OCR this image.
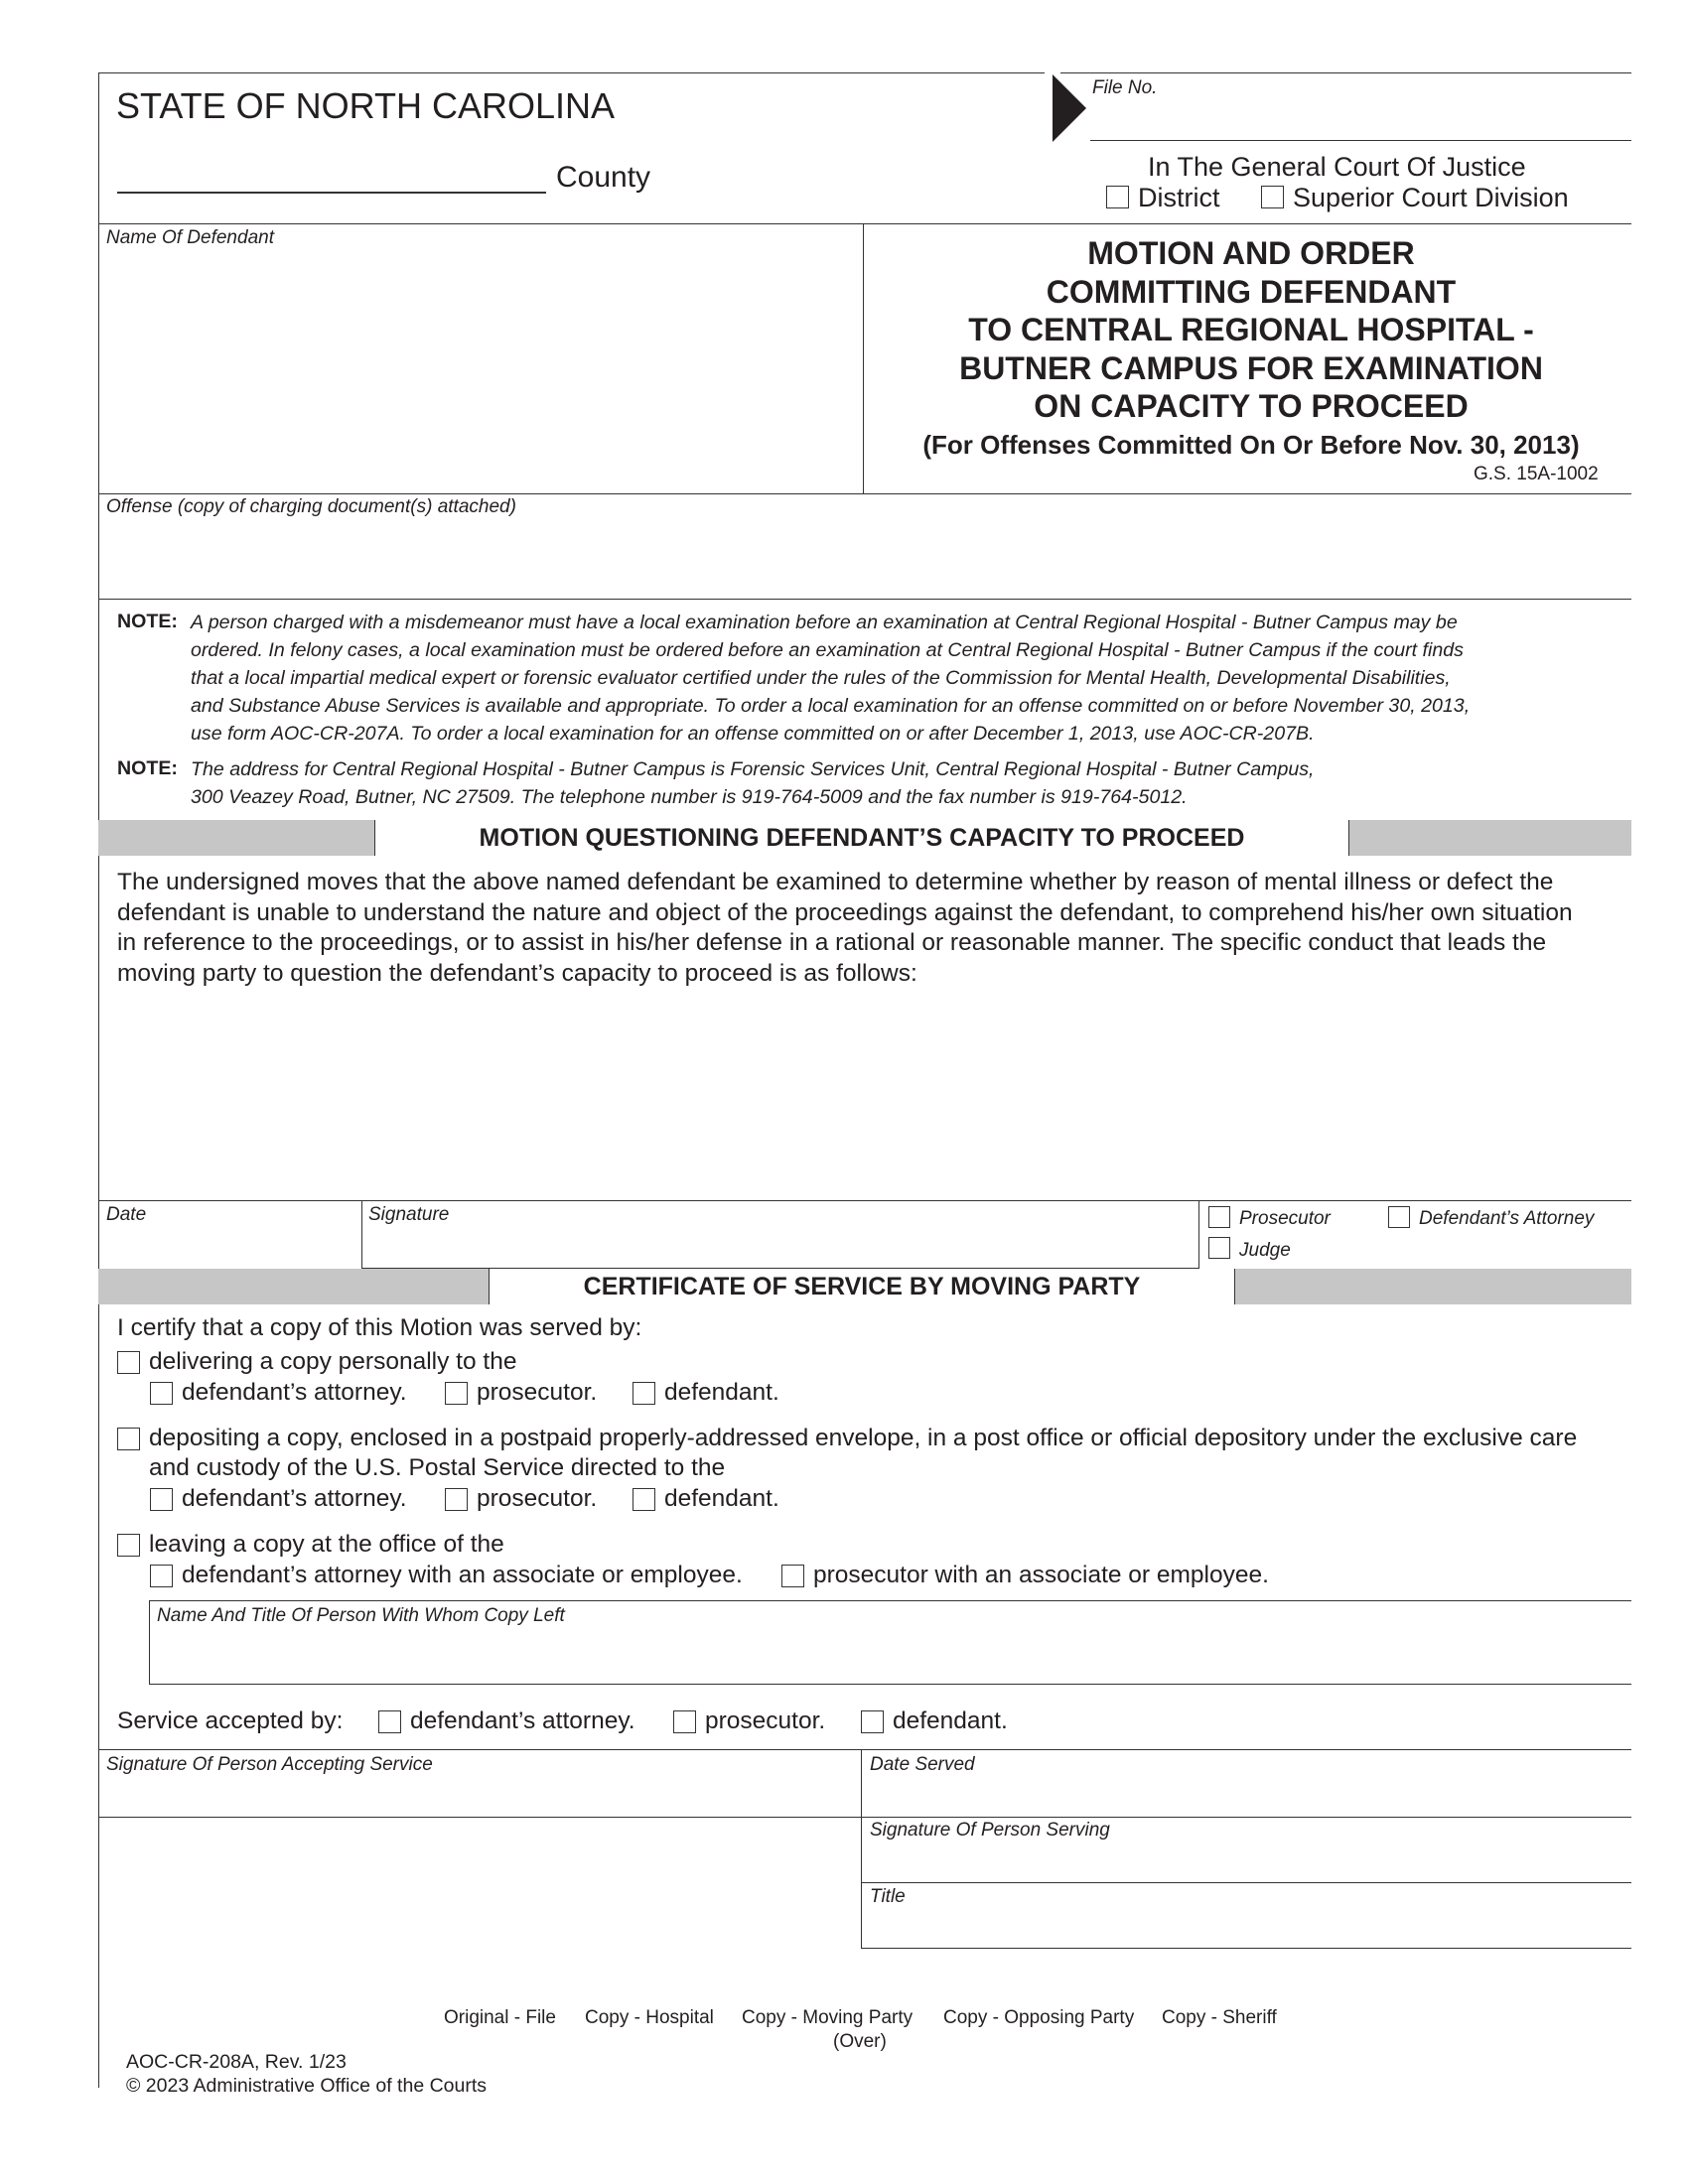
STATE OF NORTH CAROLINA
County
File No.
In The General Court Of Justice
District	Superior Court Division
Name Of Defendant	MOTION AND ORDER
COMMITTING DEFENDANT
TO CENTRAL REGIONAL HOSPITAL -
BUTNER CAMPUS FOR EXAMINATION
ON CAPACITY TO PROCEED
(For Offenses Committed On Or Before Nov. 30, 2013)
G.S. 15A-1002
Offense (copy of charging document(s) attached)
NOTE: A person charged with a misdemeanor must have a local examination before an examination at Central Regional Hospital - Butner Campus may be
ordered. In felony cases, a local examination must be ordered before an examination at Central Regional Hospital - Butner Campus if the court finds
that a local impartial medical expert or forensic evaluator certified under the rules of the Commission for Mental Health, Developmental Disabilities,
and Substance Abuse Services is available and appropriate. To order a local examination for an offense committed on or before November 30, 2013,
use form AOC-CR-207A. To order a local examination for an offense committed on or after December 1, 2013, use AOC-CR-207B.
NOTE: The address for Central Regional Hospital - Butner Campus is Forensic Services Unit, Central Regional Hospital - Butner Campus,
300 Veazey Road, Butner, NC 27509. The telephone number is 919-764-5009 and the fax number is 919-764-5012.
MOTION QUESTIONING DEFENDANT’S CAPACITY TO PROCEED
The undersigned moves that the above named defendant be examined to determine whether by reason of mental illness or defect the
defendant is unable to understand the nature and object of the proceedings against the defendant, to comprehend his/her own situation
in reference to the proceedings, or to assist in his/her defense in a rational or reasonable manner. The specific conduct that leads the
moving party to question the defendant’s capacity to proceed is as follows:
Date	Signature	Prosecutor	Defendant’s Attorney
Judge
CERTIFICATE OF SERVICE BY MOVING PARTY
I certify that a copy of this Motion was served by:
delivering a copy personally to the
defendant’s attorney.	prosecutor.	defendant.
depositing a copy, enclosed in a postpaid properly-addressed envelope, in a post office or official depository under the exclusive care
and custody of the U.S. Postal Service directed to the
defendant’s attorney.	prosecutor.	defendant.
leaving a copy at the office of the
defendant’s attorney with an associate or employee.	prosecutor with an associate or employee.
Name And Title Of Person With Whom Copy Left
Service accepted by:	defendant’s attorney.	prosecutor.	defendant.
Signature Of Person Accepting Service	Date Served
Signature Of Person Serving
Title
Original - File Copy - Hospital Copy - Moving Party Copy - Opposing Party Copy - Sheriff
(Over)
AOC-CR-208A, Rev. 1/23
© 2023 Administrative Office of the Courts
